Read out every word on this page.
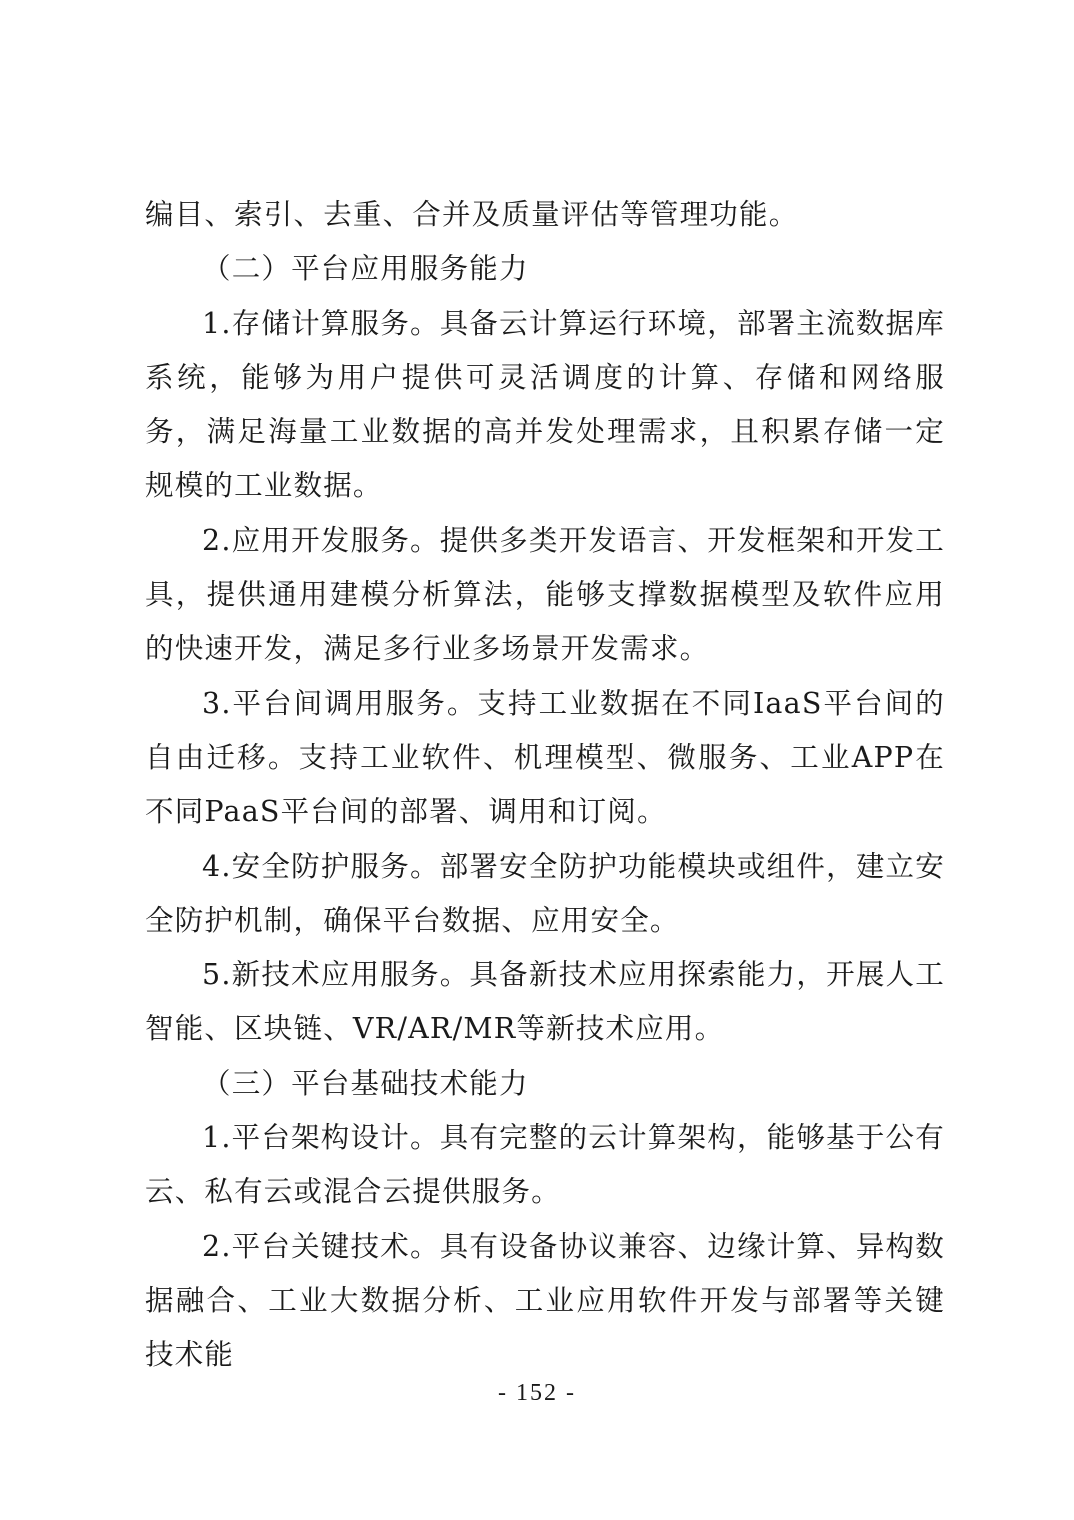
编目、索引、去重、合并及质量评估等管理功能。

（二）平台应用服务能力

1.存储计算服务。具备云计算运行环境，部署主流数据库系统，能够为用户提供可灵活调度的计算、存储和网络服务，满足海量工业数据的高并发处理需求，且积累存储一定规模的工业数据。

2.应用开发服务。提供多类开发语言、开发框架和开发工具，提供通用建模分析算法，能够支撑数据模型及软件应用的快速开发，满足多行业多场景开发需求。

3.平台间调用服务。支持工业数据在不同IaaS平台间的自由迁移。支持工业软件、机理模型、微服务、工业APP在不同PaaS平台间的部署、调用和订阅。

4.安全防护服务。部署安全防护功能模块或组件，建立安全防护机制，确保平台数据、应用安全。

5.新技术应用服务。具备新技术应用探索能力，开展人工智能、区块链、VR/AR/MR等新技术应用。

（三）平台基础技术能力

1.平台架构设计。具有完整的云计算架构，能够基于公有云、私有云或混合云提供服务。

2.平台关键技术。具有设备协议兼容、边缘计算、异构数据融合、工业大数据分析、工业应用软件开发与部署等关键技术能

- 152 -
